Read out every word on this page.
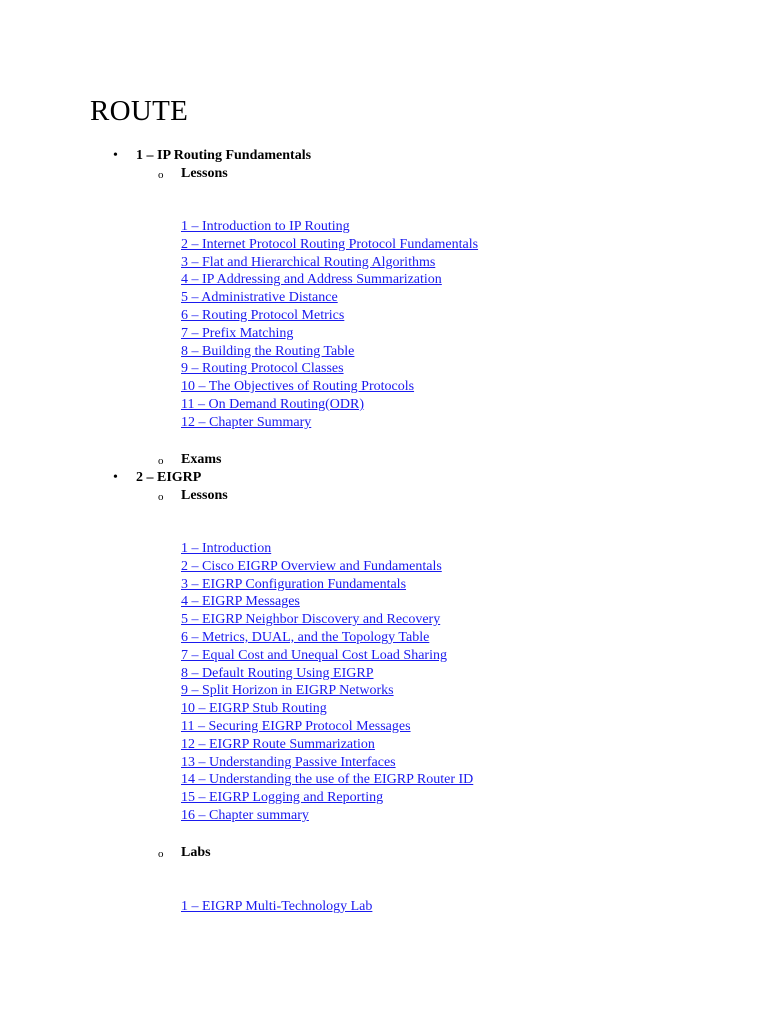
ROUTE
• 1 – IP Routing Fundamentals
o Lessons
1 – Introduction to IP Routing
2 – Internet Protocol Routing Protocol Fundamentals
3 – Flat and Hierarchical Routing Algorithms
4 – IP Addressing and Address Summarization
5 – Administrative Distance
6 – Routing Protocol Metrics
7 – Prefix Matching
8 – Building the Routing Table
9 – Routing Protocol Classes
10 – The Objectives of Routing Protocols
11 – On Demand Routing(ODR)
12 – Chapter Summary
o Exams
• 2 – EIGRP
o Lessons
1 – Introduction
2 – Cisco EIGRP Overview and Fundamentals
3 – EIGRP Configuration Fundamentals
4 – EIGRP Messages
5 – EIGRP Neighbor Discovery and Recovery
6 – Metrics, DUAL, and the Topology Table
7 – Equal Cost and Unequal Cost Load Sharing
8 – Default Routing Using EIGRP
9 – Split Horizon in EIGRP Networks
10 – EIGRP Stub Routing
11 – Securing EIGRP Protocol Messages
12 – EIGRP Route Summarization
13 – Understanding Passive Interfaces
14 – Understanding the use of the EIGRP Router ID
15 – EIGRP Logging and Reporting
16 – Chapter summary
o Labs
1 – EIGRP Multi-Technology Lab
